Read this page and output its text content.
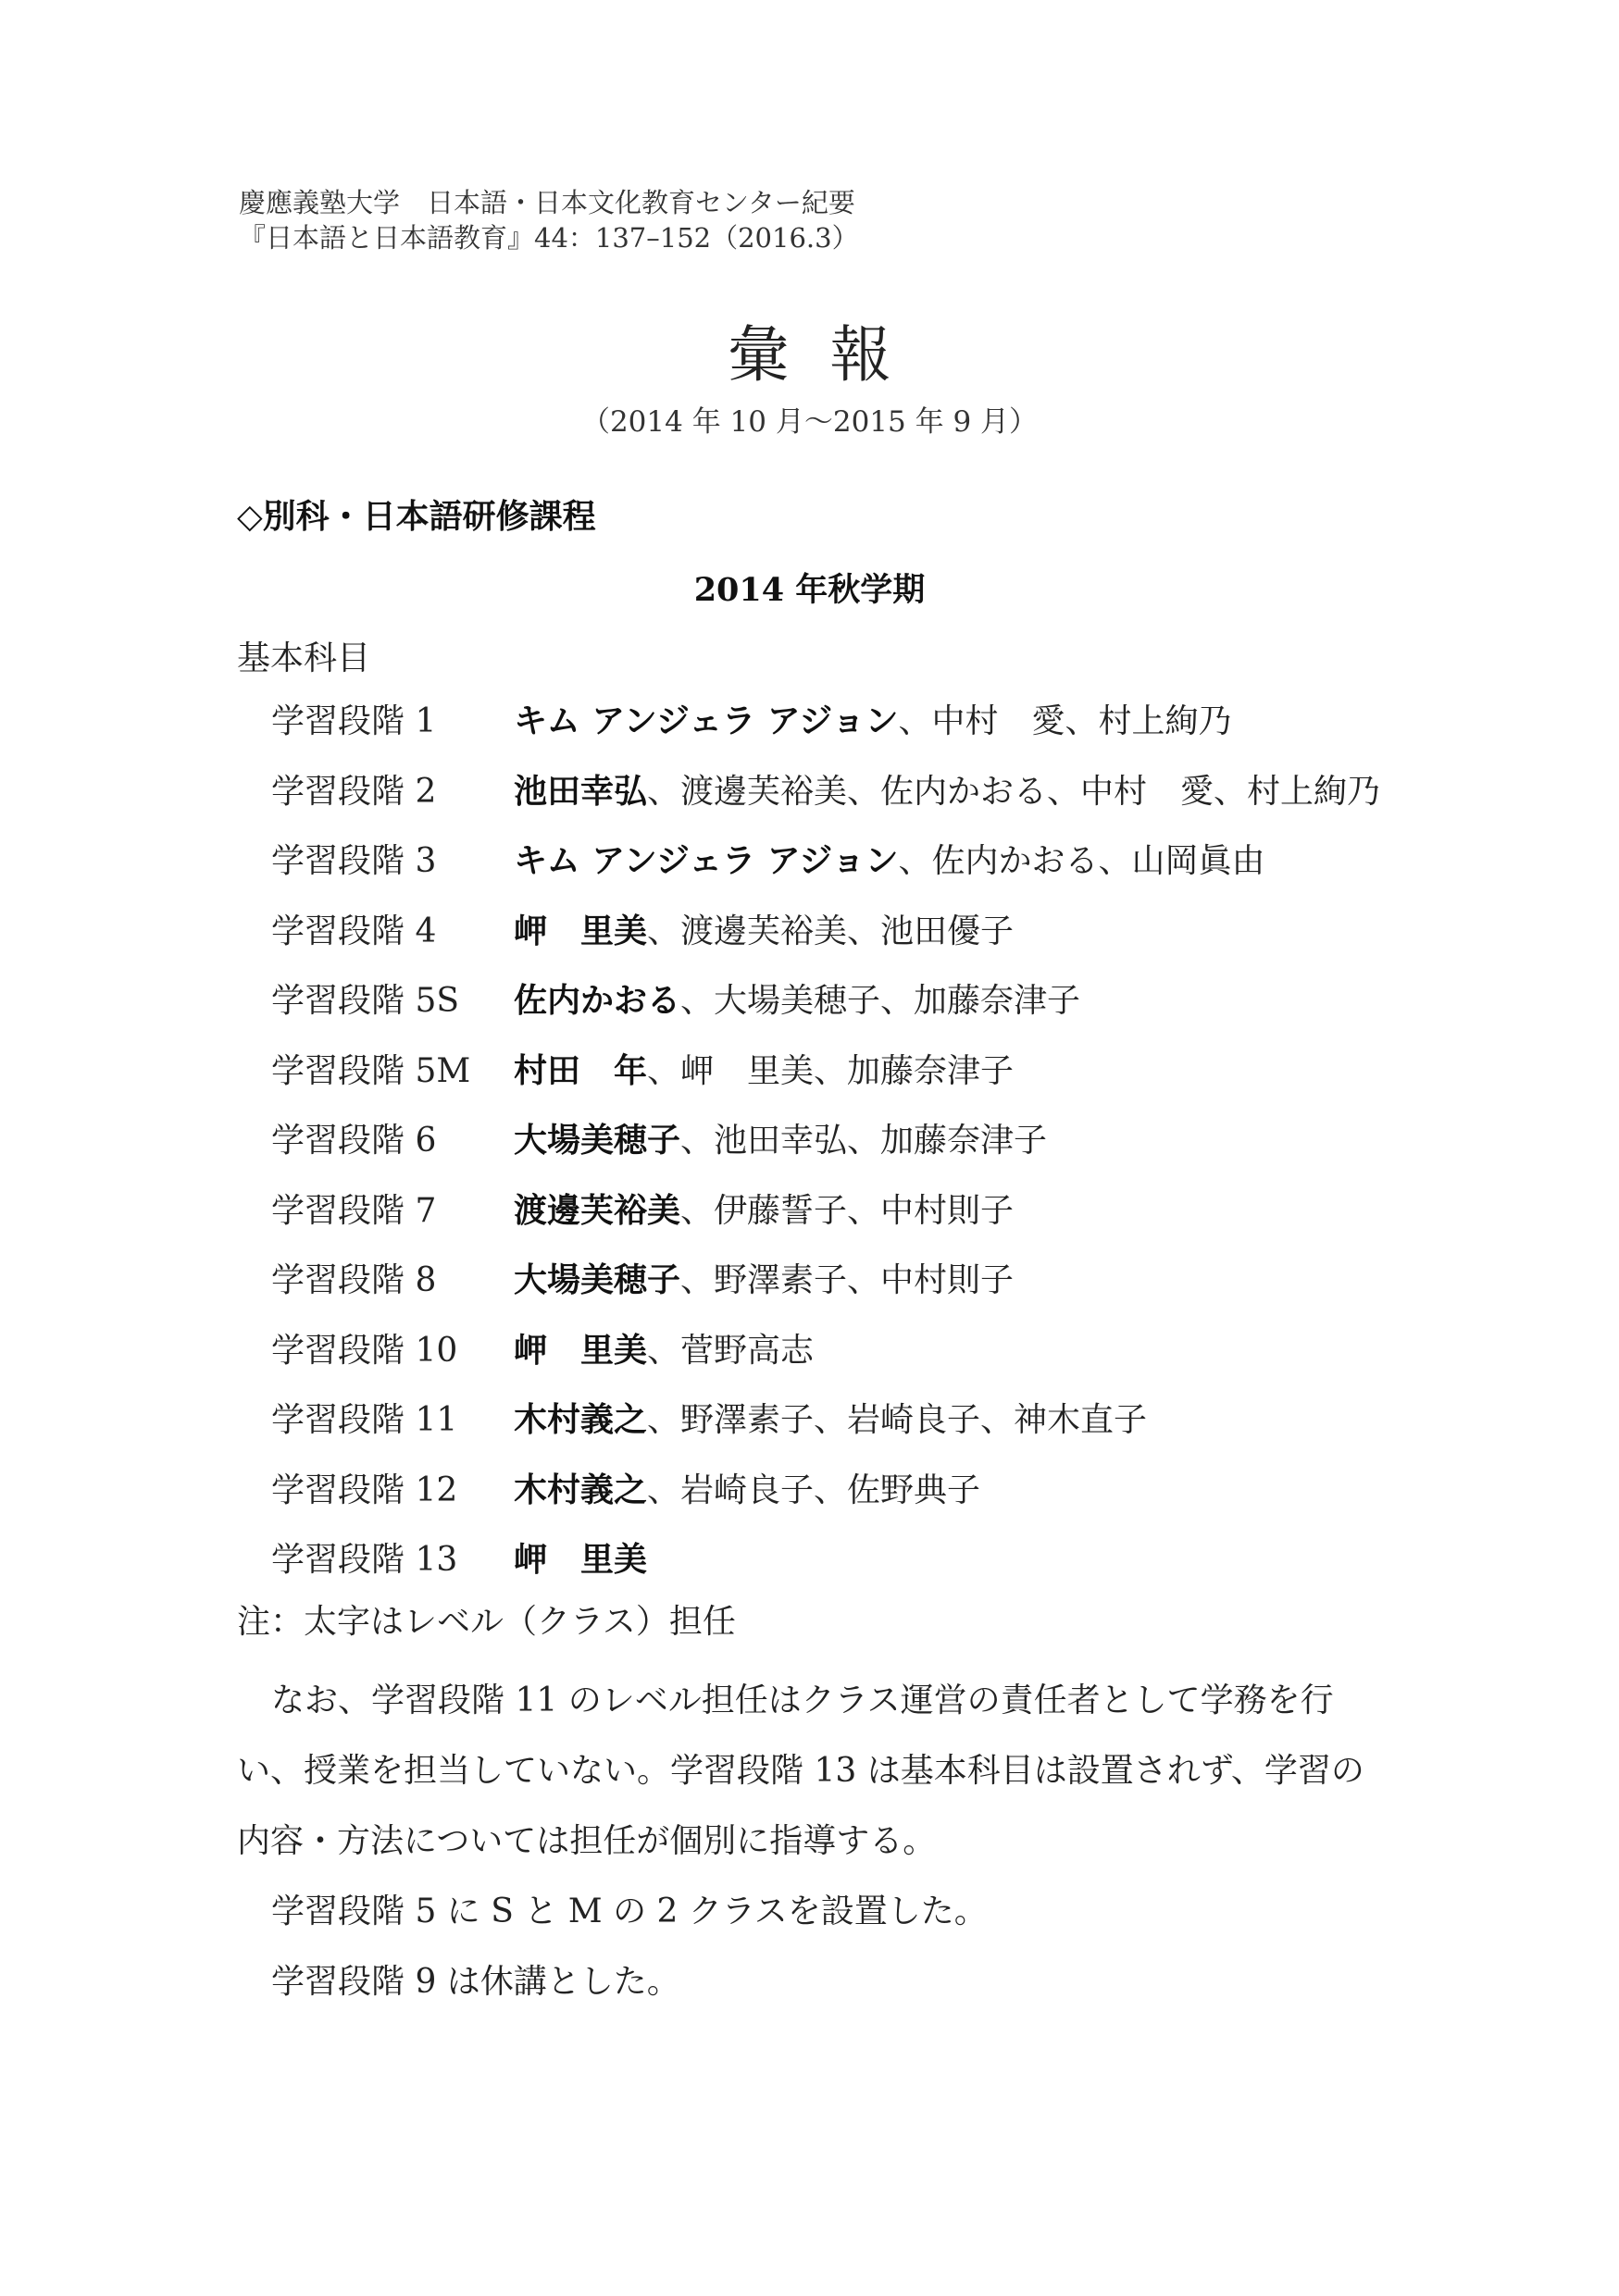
慶應義塾大学　日本語・日本文化教育センター紀要
『日本語と日本語教育』44：137–152（2016.3）
彙報
（2014 年 10 月～2015 年 9 月）
◇別科・日本語研修課程
2014 年秋学期
基本科目
学習段階 1	キム アンジェラ アジョン、中村　愛、村上絢乃
学習段階 2	池田幸弘、渡邊芙裕美、佐内かおる、中村　愛、村上絢乃
学習段階 3	キム アンジェラ アジョン、佐内かおる、山岡眞由
学習段階 4	岬　里美、渡邊芙裕美、池田優子
学習段階 5S	佐内かおる、大場美穂子、加藤奈津子
学習段階 5M	村田　年、岬　里美、加藤奈津子
学習段階 6	大場美穂子、池田幸弘、加藤奈津子
学習段階 7	渡邊芙裕美、伊藤誓子、中村則子
学習段階 8	大場美穂子、野澤素子、中村則子
学習段階 10	岬　里美、菅野高志
学習段階 11	木村義之、野澤素子、岩崎良子、神木直子
学習段階 12	木村義之、岩崎良子、佐野典子
学習段階 13	岬　里美
注：太字はレベル（クラス）担任

なお、学習段階 11 のレベル担任はクラス運営の責任者として学務を行い、授業を担当していない。学習段階 13 は基本科目は設置されず、学習の内容・方法については担任が個別に指導する。

学習段階 5 に S と M の 2 クラスを設置した。

学習段階 9 は休講とした。
